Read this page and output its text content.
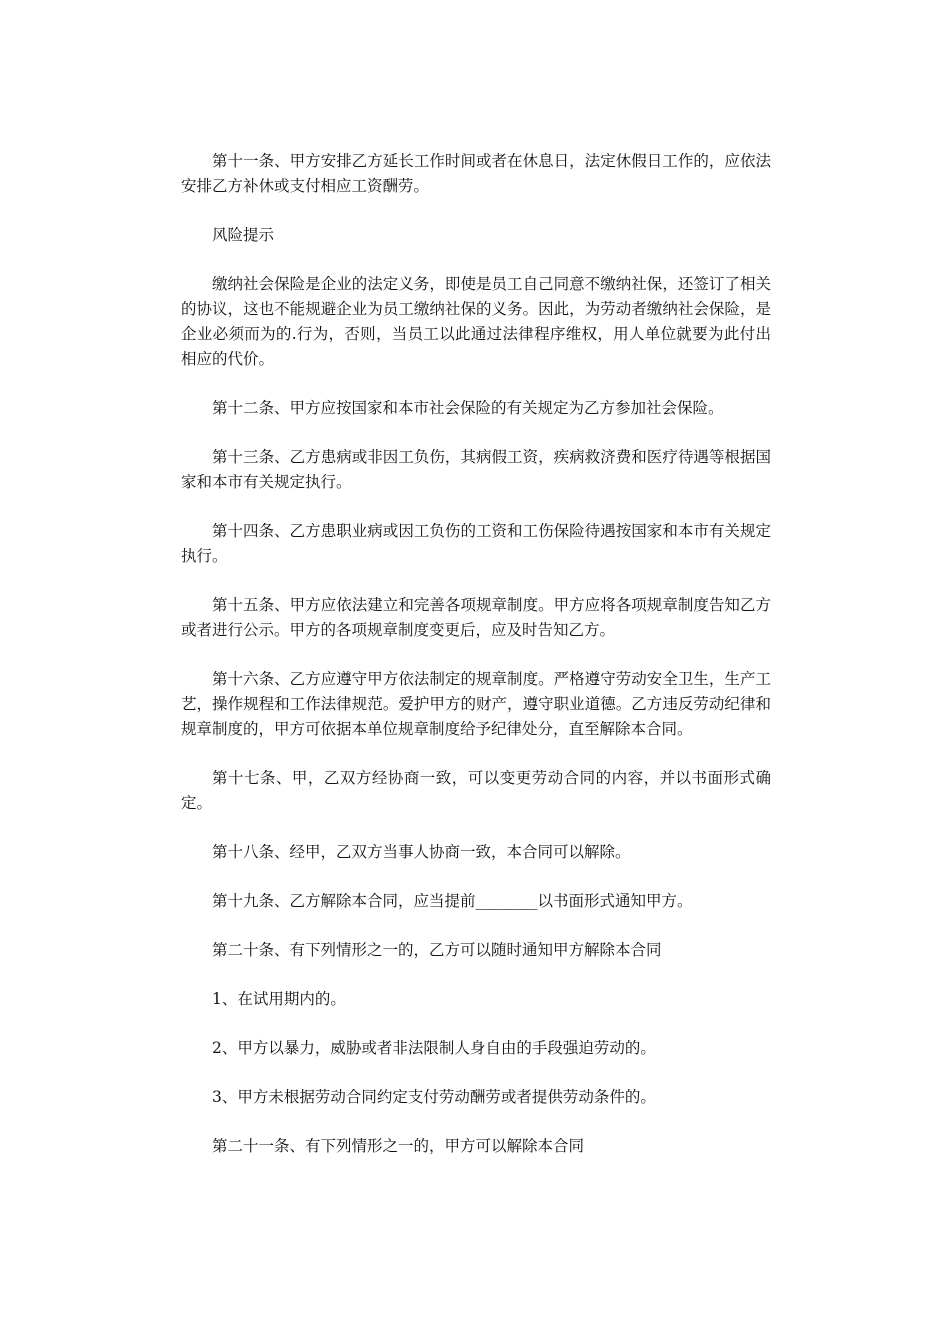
第十一条、甲方安排乙方延长工作时间或者在休息日，法定休假日工作的，应依法安排乙方补休或支付相应工资酬劳。

风险提示

缴纳社会保险是企业的法定义务，即使是员工自己同意不缴纳社保，还签订了相关的协议，这也不能规避企业为员工缴纳社保的义务。因此，为劳动者缴纳社会保险，是企业必须而为的.行为，否则，当员工以此通过法律程序维权，用人单位就要为此付出相应的代价。

第十二条、甲方应按国家和本市社会保险的有关规定为乙方参加社会保险。

第十三条、乙方患病或非因工负伤，其病假工资，疾病救济费和医疗待遇等根据国家和本市有关规定执行。

第十四条、乙方患职业病或因工负伤的工资和工伤保险待遇按国家和本市有关规定执行。

第十五条、甲方应依法建立和完善各项规章制度。甲方应将各项规章制度告知乙方或者进行公示。甲方的各项规章制度变更后，应及时告知乙方。

第十六条、乙方应遵守甲方依法制定的规章制度。严格遵守劳动安全卫生，生产工艺，操作规程和工作法律规范。爱护甲方的财产，遵守职业道德。乙方违反劳动纪律和规章制度的，甲方可依据本单位规章制度给予纪律处分，直至解除本合同。

第十七条、甲，乙双方经协商一致，可以变更劳动合同的内容，并以书面形式确定。

第十八条、经甲，乙双方当事人协商一致，本合同可以解除。

第十九条、乙方解除本合同，应当提前________以书面形式通知甲方。

第二十条、有下列情形之一的，乙方可以随时通知甲方解除本合同

1、在试用期内的。

2、甲方以暴力，威胁或者非法限制人身自由的手段强迫劳动的。

3、甲方未根据劳动合同约定支付劳动酬劳或者提供劳动条件的。

第二十一条、有下列情形之一的，甲方可以解除本合同
